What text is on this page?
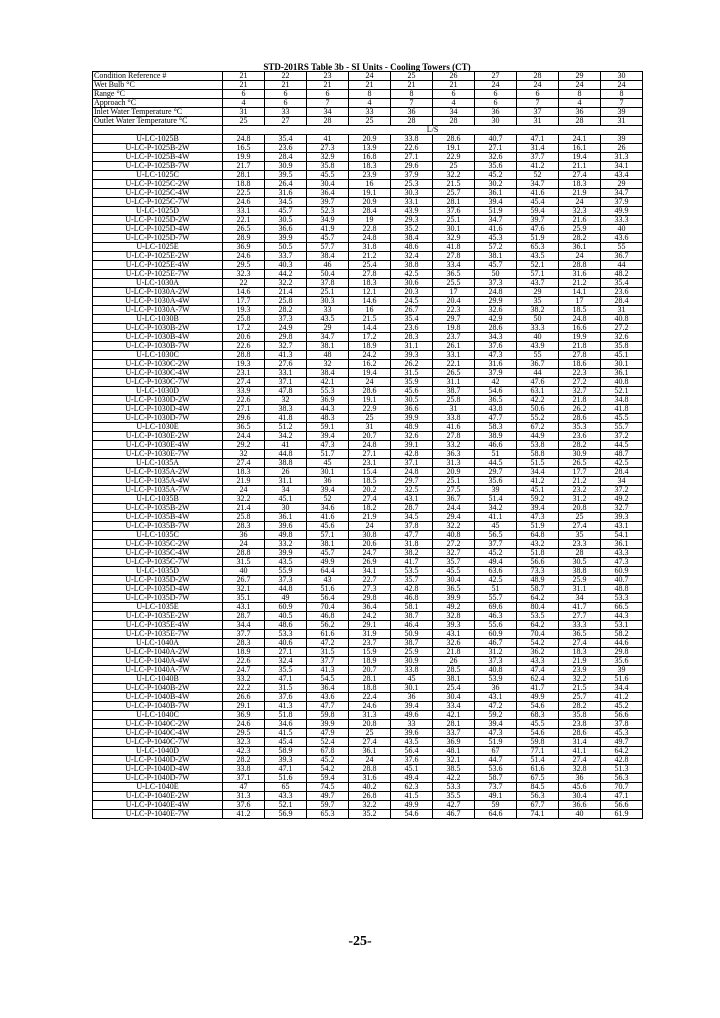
STD-201RS Table 3b - SI Units - Cooling Towers (CT)
Condition Reference #	21	22	23	24	25	26	27	28	29	30
Wet Bulb °C	21	21	21	21	21	21	24	24	24	24
Range °C	6	6	6	8	8	6	6	6	8	8
Approach °C	4	6	7	4	7	4	6	7	4	7
Inlet Water Temperature °C	31	33	34	33	36	34	36	37	36	39
Outlet Water Temperature °C	25	27	28	25	28	28	30	31	28	31
	L/S									
U-LC-1025B	24.8	35.4	41	20.9	33.8	28.6	40.7	47.1	24.1	39
U-LC-P-1025B-2W	16.5	23.6	27.3	13.9	22.6	19.1	27.1	31.4	16.1	26
U-LC-P-1025B-4W	19.9	28.4	32.9	16.8	27.1	22.9	32.6	37.7	19.4	31.3
U-LC-P-1025B-7W	21.7	30.9	35.8	18.3	29.6	25	35.6	41.2	21.1	34.1
U-LC-1025C	28.1	39.5	45.5	23.9	37.9	32.2	45.2	52	27.4	43.4
U-LC-P-1025C-2W	18.8	26.4	30.4	16	25.3	21.5	30.2	34.7	18.3	29
U-LC-P-1025C-4W	22.5	31.6	36.4	19.1	30.3	25.7	36.1	41.6	21.9	34.7
U-LC-P-1025C-7W	24.6	34.5	39.7	20.9	33.1	28.1	39.4	45.4	24	37.9
U-LC-1025D	33.1	45.7	52.3	28.4	43.9	37.6	51.9	59.4	32.3	49.9
U-LC-P-1025D-2W	22.1	30.5	34.9	19	29.3	25.1	34.7	39.7	21.6	33.3
U-LC-P-1025D-4W	26.5	36.6	41.9	22.8	35.2	30.1	41.6	47.6	25.9	40
U-LC-P-1025D-7W	28.9	39.9	45.7	24.8	38.4	32.9	45.3	51.9	28.2	43.6
U-LC-1025E	36.9	50.5	57.7	31.8	48.6	41.8	57.2	65.3	36.1	55
U-LC-P-1025E-2W	24.6	33.7	38.4	21.2	32.4	27.8	38.1	43.5	24	36.7
U-LC-P-1025E-4W	29.5	40.3	46	25.4	38.8	33.4	45.7	52.1	28.8	44
U-LC-P-1025E-7W	32.3	44.2	50.4	27.8	42.5	36.5	50	57.1	31.6	48.2
U-LC-1030A	22	32.2	37.8	18.3	30.6	25.5	37.3	43.7	21.2	35.4
U-LC-P-1030A-2W	14.6	21.4	25.1	12.1	20.3	17	24.8	29	14.1	23.6
U-LC-P-1030A-4W	17.7	25.8	30.3	14.6	24.5	20.4	29.9	35	17	28.4
U-LC-P-1030A-7W	19.3	28.2	33	16	26.7	22.3	32.6	38.2	18.5	31
U-LC-1030B	25.8	37.3	43.5	21.5	35.4	29.7	42.9	50	24.8	40.8
U-LC-P-1030B-2W	17.2	24.9	29	14.4	23.6	19.8	28.6	33.3	16.6	27.2
U-LC-P-1030B-4W	20.6	29.8	34.7	17.2	28.3	23.7	34.3	40	19.9	32.6
U-LC-P-1030B-7W	22.6	32.7	38.1	18.9	31.1	26.1	37.6	43.9	21.8	35.8
U-LC-1030C	28.8	41.3	48	24.2	39.3	33.1	47.3	55	27.8	45.1
U-LC-P-1030C-2W	19.3	27.6	32	16.2	26.2	22.1	31.6	36.7	18.6	30.1
U-LC-P-1030C-4W	23.1	33.1	38.4	19.4	31.5	26.5	37.9	44	22.3	36.1
U-LC-P-1030C-7W	27.4	37.1	42.1	24	35.9	31.1	42	47.6	27.2	40.8
U-LC-1030D	33.9	47.8	55.3	28.6	45.6	38.7	54.6	63.1	32.7	52.1
U-LC-P-1030D-2W	22.6	32	36.9	19.1	30.5	25.8	36.5	42.2	21.8	34.8
U-LC-P-1030D-4W	27.1	38.3	44.3	22.9	36.6	31	43.8	50.6	26.2	41.8
U-LC-P-1030D-7W	29.6	41.8	48.3	25	39.9	33.8	47.7	55.2	28.6	45.5
U-LC-1030E	36.5	51.2	59.1	31	48.9	41.6	58.3	67.2	35.3	55.7
U-LC-P-1030E-2W	24.4	34.2	39.4	20.7	32.6	27.8	38.9	44.9	23.6	37.2
U-LC-P-1030E-4W	29.2	41	47.3	24.8	39.1	33.2	46.6	53.8	28.2	44.5
U-LC-P-1030E-7W	32	44.8	51.7	27.1	42.8	36.3	51	58.8	30.9	48.7
U-LC-1035A	27.4	38.8	45	23.1	37.1	31.3	44.5	51.5	26.5	42.5
U-LC-P-1035A-2W	18.3	26	30.1	15.4	24.8	20.9	29.7	34.4	17.7	28.4
U-LC-P-1035A-4W	21.9	31.1	36	18.5	29.7	25.1	35.6	41.2	21.2	34
U-LC-P-1035A-7W	24	34	39.4	20.2	32.5	27.5	39	45.1	23.2	37.2
U-LC-1035B	32.2	45.1	52	27.4	43.1	36.7	51.4	59.2	31.2	49.2
U-LC-P-1035B-2W	21.4	30	34.6	18.2	28.7	24.4	34.2	39.4	20.8	32.7
U-LC-P-1035B-4W	25.8	36.1	41.6	21.9	34.5	29.4	41.1	47.3	25	39.3
U-LC-P-1035B-7W	28.3	39.6	45.6	24	37.8	32.2	45	51.9	27.4	43.1
U-LC-1035C	36	49.8	57.1	30.8	47.7	40.8	56.5	64.8	35	54.1
U-LC-P-1035C-2W	24	33.2	38.1	20.6	31.8	27.2	37.7	43.2	23.3	36.1
U-LC-P-1035C-4W	28.8	39.9	45.7	24.7	38.2	32.7	45.2	51.8	28	43.3
U-LC-P-1035C-7W	31.5	43.5	49.9	26.9	41.7	35.7	49.4	56.6	30.5	47.3
U-LC-1035D	40	55.9	64.4	34.1	53.5	45.5	63.6	73.3	38.8	60.9
U-LC-P-1035D-2W	26.7	37.3	43	22.7	35.7	30.4	42.5	48.9	25.9	40.7
U-LC-P-1035D-4W	32.1	44.8	51.6	27.3	42.8	36.5	51	58.7	31.1	48.8
U-LC-P-1035D-7W	35.1	49	56.4	29.8	46.8	39.9	55.7	64.2	34	53.3
U-LC-1035E	43.1	60.9	70.4	36.4	58.1	49.2	69.6	80.4	41.7	66.5
U-LC-P-1035E-2W	28.7	40.5	46.8	24.2	38.7	32.8	46.3	53.5	27.7	44.3
U-LC-P-1035E-4W	34.4	48.6	56.2	29.1	46.4	39.3	55.6	64.2	33.3	53.1
U-LC-P-1035E-7W	37.7	53.3	61.6	31.9	50.9	43.1	60.9	70.4	36.5	58.2
U-LC-1040A	28.3	40.6	47.2	23.7	38.7	32.6	46.7	54.2	27.4	44.6
U-LC-P-1040A-2W	18.9	27.1	31.5	15.9	25.9	21.8	31.2	36.2	18.3	29.8
U-LC-P-1040A-4W	22.6	32.4	37.7	18.9	30.9	26	37.3	43.3	21.9	35.6
U-LC-P-1040A-7W	24.7	35.5	41.3	20.7	33.8	28.5	40.8	47.4	23.9	39
U-LC-1040B	33.2	47.1	54.5	28.1	45	38.1	53.9	62.4	32.2	51.6
U-LC-P-1040B-2W	22.2	31.5	36.4	18.8	30.1	25.4	36	41.7	21.5	34.4
U-LC-P-1040B-4W	26.6	37.6	43.6	22.4	36	30.4	43.1	49.9	25.7	41.2
U-LC-P-1040B-7W	29.1	41.3	47.7	24.6	39.4	33.4	47.2	54.6	28.2	45.2
U-LC-1040C	36.9	51.8	59.8	31.3	49.6	42.1	59.2	68.3	35.8	56.6
U-LC-P-1040C-2W	24.6	34.6	39.9	20.8	33	28.1	39.4	45.5	23.8	37.8
U-LC-P-1040C-4W	29.5	41.5	47.9	25	39.6	33.7	47.3	54.6	28.6	45.3
U-LC-P-1040C-7W	32.3	45.4	52.4	27.4	43.5	36.9	51.9	59.8	31.4	49.7
U-LC-1040D	42.3	58.9	67.8	36.1	56.4	48.1	67	77.1	41.1	64.2
U-LC-P-1040D-2W	28.2	39.3	45.2	24	37.6	32.1	44.7	51.4	27.4	42.8
U-LC-P-1040D-4W	33.8	47.1	54.2	28.8	45.1	38.5	53.6	61.6	32.8	51.3
U-LC-P-1040D-7W	37.1	51.6	59.4	31.6	49.4	42.2	58.7	67.5	36	56.3
U-LC-1040E	47	65	74.5	40.2	62.3	53.3	73.7	84.5	45.6	70.7
U-LC-P-1040E-2W	31.3	43.3	49.7	26.8	41.5	35.5	49.1	56.3	30.4	47.1
U-LC-P-1040E-4W	37.6	52.1	59.7	32.2	49.9	42.7	59	67.7	36.6	56.6
U-LC-P-1040E-7W	41.2	56.9	65.3	35.2	54.6	46.7	64.6	74.1	40	61.9
-25-
